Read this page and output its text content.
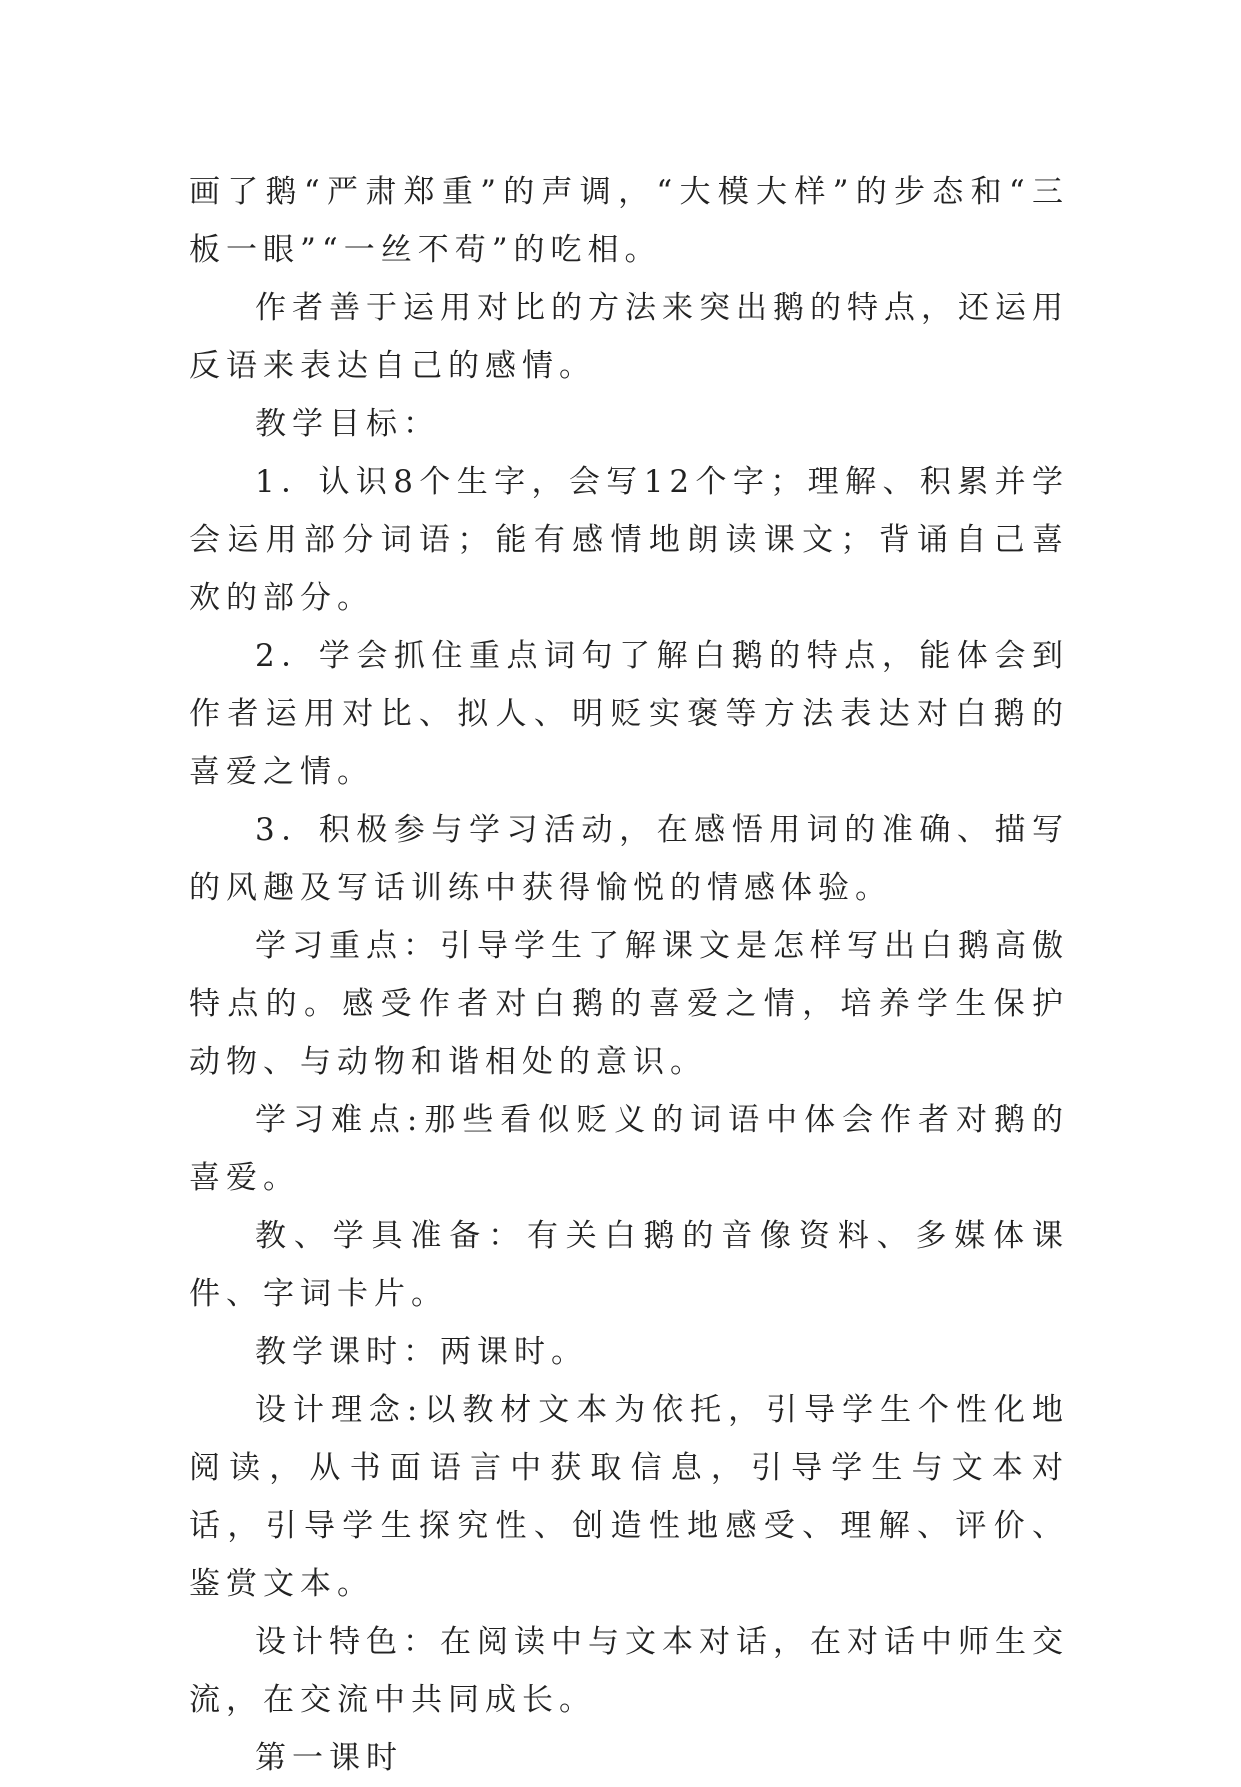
画了鹅“严肃郑重”的声调，“大模大样”的步态和“三板一眼”“一丝不苟”的吃相。

作者善于运用对比的方法来突出鹅的特点，还运用反语来表达自己的感情。

教学目标：

1．认识8个生字，会写12个字；理解、积累并学会运用部分词语；能有感情地朗读课文；背诵自己喜欢的部分。

2．学会抓住重点词句了解白鹅的特点，能体会到作者运用对比、拟人、明贬实褒等方法表达对白鹅的喜爱之情。

3．积极参与学习活动，在感悟用词的准确、描写的风趣及写话训练中获得愉悦的情感体验。

学习重点：引导学生了解课文是怎样写出白鹅高傲特点的。感受作者对白鹅的喜爱之情，培养学生保护动物、与动物和谐相处的意识。

学习难点:那些看似贬义的词语中体会作者对鹅的喜爱。

教、学具准备：有关白鹅的音像资料、多媒体课件、字词卡片。

教学课时：两课时。

设计理念:以教材文本为依托，引导学生个性化地阅读，从书面语言中获取信息，引导学生与文本对话，引导学生探究性、创造性地感受、理解、评价、鉴赏文本。

设计特色：在阅读中与文本对话，在对话中师生交流，在交流中共同成长。

第一课时
